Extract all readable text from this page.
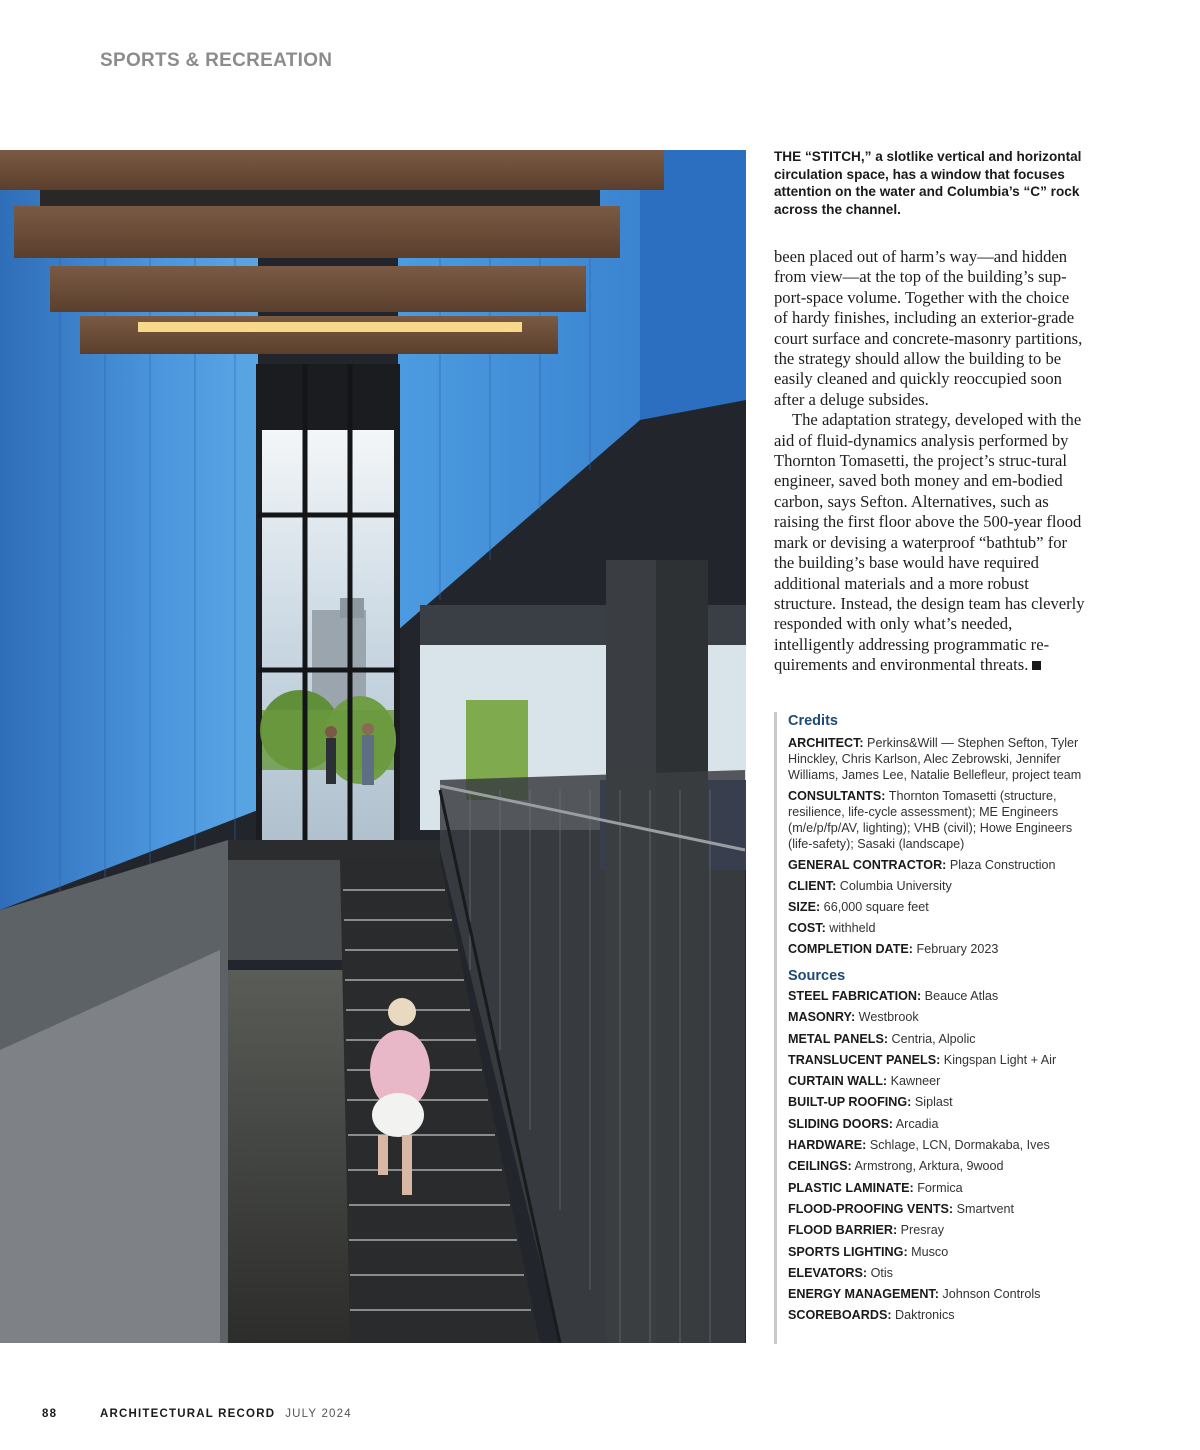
SPORTS & RECREATION
THE “STITCH,” a slotlike vertical and horizontal circulation space, has a window that focuses attention on the water and Columbia’s “C” rock across the channel.

been placed out of harm’s way—and hidden from view—at the top of the building’s sup-port-space volume. Together with the choice of hardy finishes, including an exterior-grade court surface and concrete-masonry partitions, the strategy should allow the building to be easily cleaned and quickly reoccupied soon after a deluge subsides.

The adaptation strategy, developed with the aid of fluid-dynamics analysis performed by Thornton Tomasetti, the project’s struc-tural engineer, saved both money and em-bodied carbon, says Sefton. Alternatives, such as raising the first floor above the 500-year flood mark or devising a waterproof “bathtub” for the building’s base would have required additional materials and a more robust structure. Instead, the design team has cleverly responded with only what’s needed, intelligently addressing programmatic re-quirements and environmental threats.

Credits
ARCHITECT: Perkins&Will — Stephen Sefton, Tyler Hinckley, Chris Karlson, Alec Zebrowski, Jennifer Williams, James Lee, Natalie Bellefleur, project team
CONSULTANTS: Thornton Tomasetti (structure, resilience, life-cycle assessment); ME Engineers (m/e/p/fp/AV, lighting); VHB (civil); Howe Engineers (life-safety); Sasaki (landscape)
GENERAL CONTRACTOR: Plaza Construction
CLIENT: Columbia University
SIZE: 66,000 square feet
COST: withheld
COMPLETION DATE: February 2023
Sources
STEEL FABRICATION: Beauce Atlas
MASONRY: Westbrook
METAL PANELS: Centria, Alpolic
TRANSLUCENT PANELS: Kingspan Light + Air
CURTAIN WALL: Kawneer
BUILT-UP ROOFING: Siplast
SLIDING DOORS: Arcadia
HARDWARE: Schlage, LCN, Dormakaba, Ives
CEILINGS: Armstrong, Arktura, 9wood
PLASTIC LAMINATE: Formica
FLOOD-PROOFING VENTS: Smartvent
FLOOD BARRIER: Presray
SPORTS LIGHTING: Musco
ELEVATORS: Otis
ENERGY MANAGEMENT: Johnson Controls
SCOREBOARDS: Daktronics
88	ARCHITECTURAL RECORD JULY 2024
